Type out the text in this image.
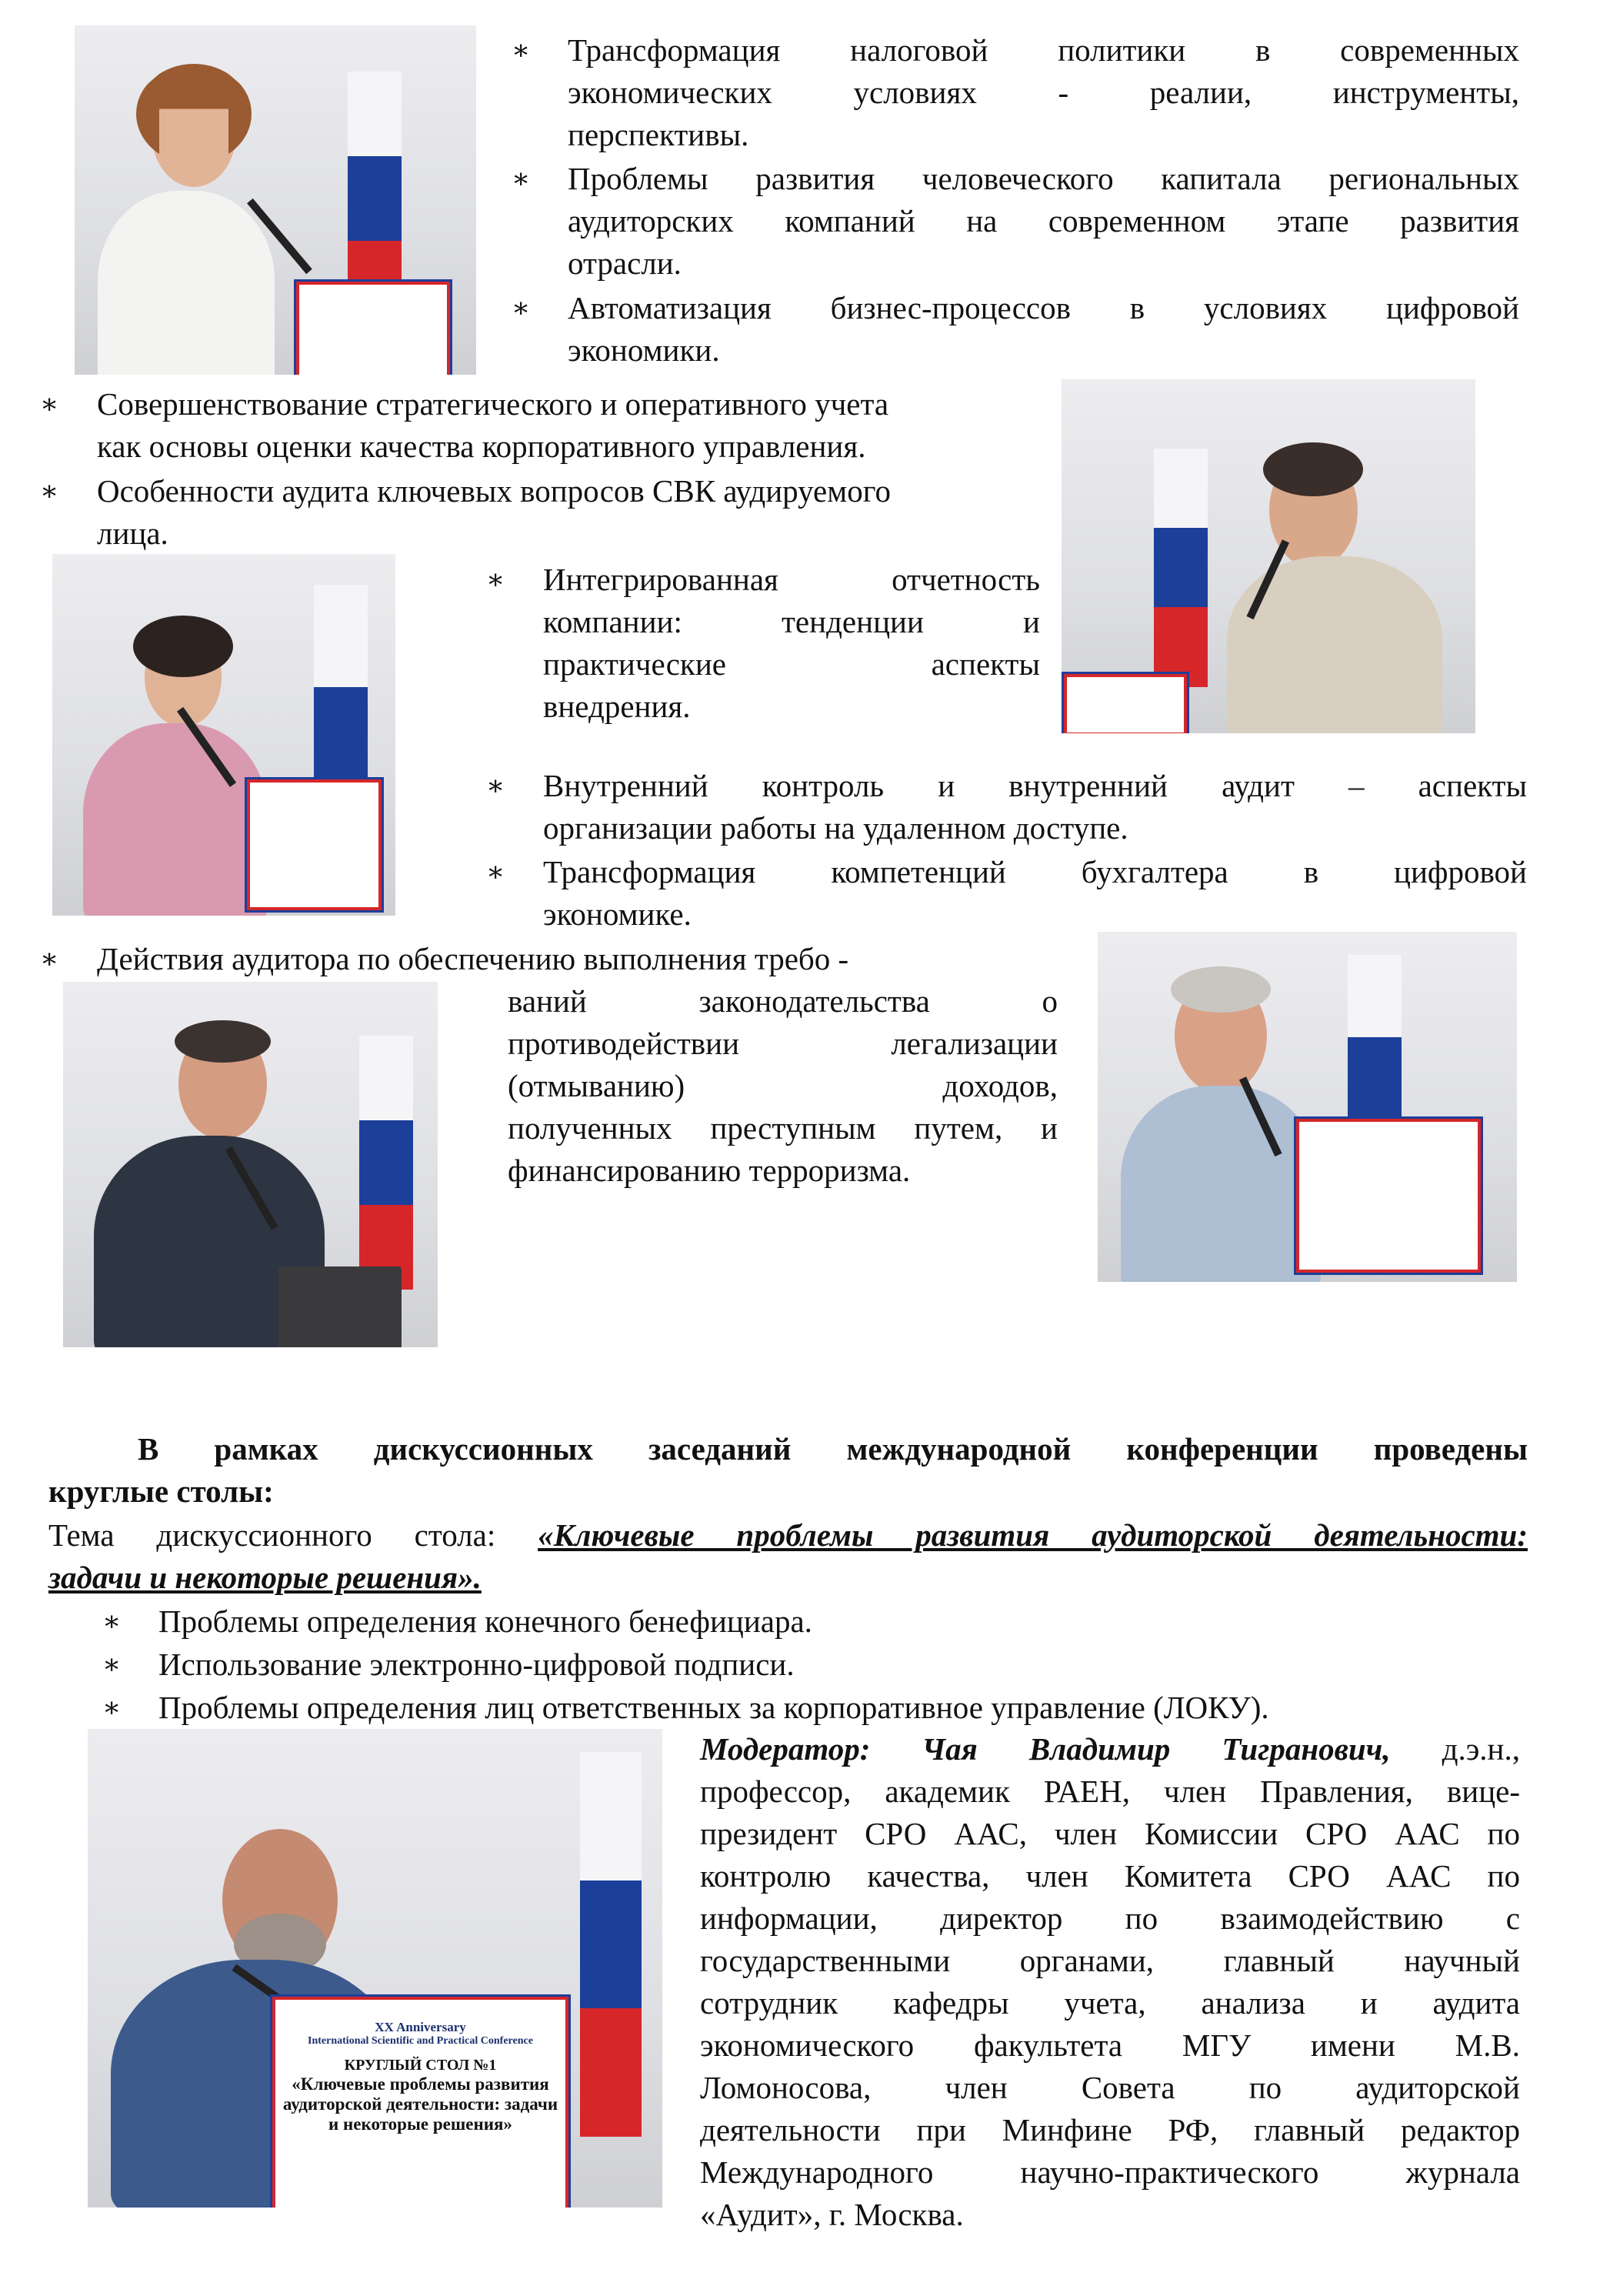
∗ Трансформация налоговой политики в современных
экономических условиях - реалии, инструменты,
перспективы.
∗ Проблемы развития человеческого капитала региональных
аудиторских компаний на современном этапе развития
отрасли.
∗ Автоматизация бизнес-процессов в условиях цифровой
экономики.
∗ Совершенствование стратегического и оперативного учета
как основы оценки качества корпоративного управления.
∗ Особенности аудита ключевых вопросов СВК аудируемого
лица.
∗ Интегрированная отчетность
компании: тенденции и
практические аспекты
внедрения.
∗ Внутренний контроль и внутренний аудит – аспекты
организации работы на удаленном доступе.
∗ Трансформация компетенций бухгалтера в цифровой
экономике.
∗ Действия аудитора по обеспечению выполнения требо -
ваний законодательства о
противодействии легализации
(отмыванию) доходов,
полученных преступным путем, и
финансированию терроризма.
В рамках дискуссионных заседаний международной конференции проведены
круглые столы:
Тема дискуссионного стола: «Ключевые проблемы развития аудиторской деятельности:
задачи и некоторые решения».
∗ Проблемы определения конечного бенефициара.
∗ Использование электронно-цифровой подписи.
∗ Проблемы определения лиц ответственных за корпоративное управление (ЛОКУ).
XX Anniversary
International Scientific and Practical Conference
КРУГЛЫЙ СТОЛ №1
«Ключевые проблемы развития
аудиторской деятельности: задачи
и некоторые решения»
Модератор: Чая Владимир Тигранович, д.э.н.,
профессор, академик РАЕН, член Правления, вице-
президент СРО ААС, член Комиссии СРО ААС по
контролю качества, член Комитета СРО ААС по
информации, директор по взаимодействию с
государственными органами, главный научный
сотрудник кафедры учета, анализа и аудита
экономического факультета МГУ имени М.В.
Ломоносова, член Совета по аудиторской
деятельности при Минфине РФ, главный редактор
Международного научно-практического журнала
«Аудит», г. Москва.
